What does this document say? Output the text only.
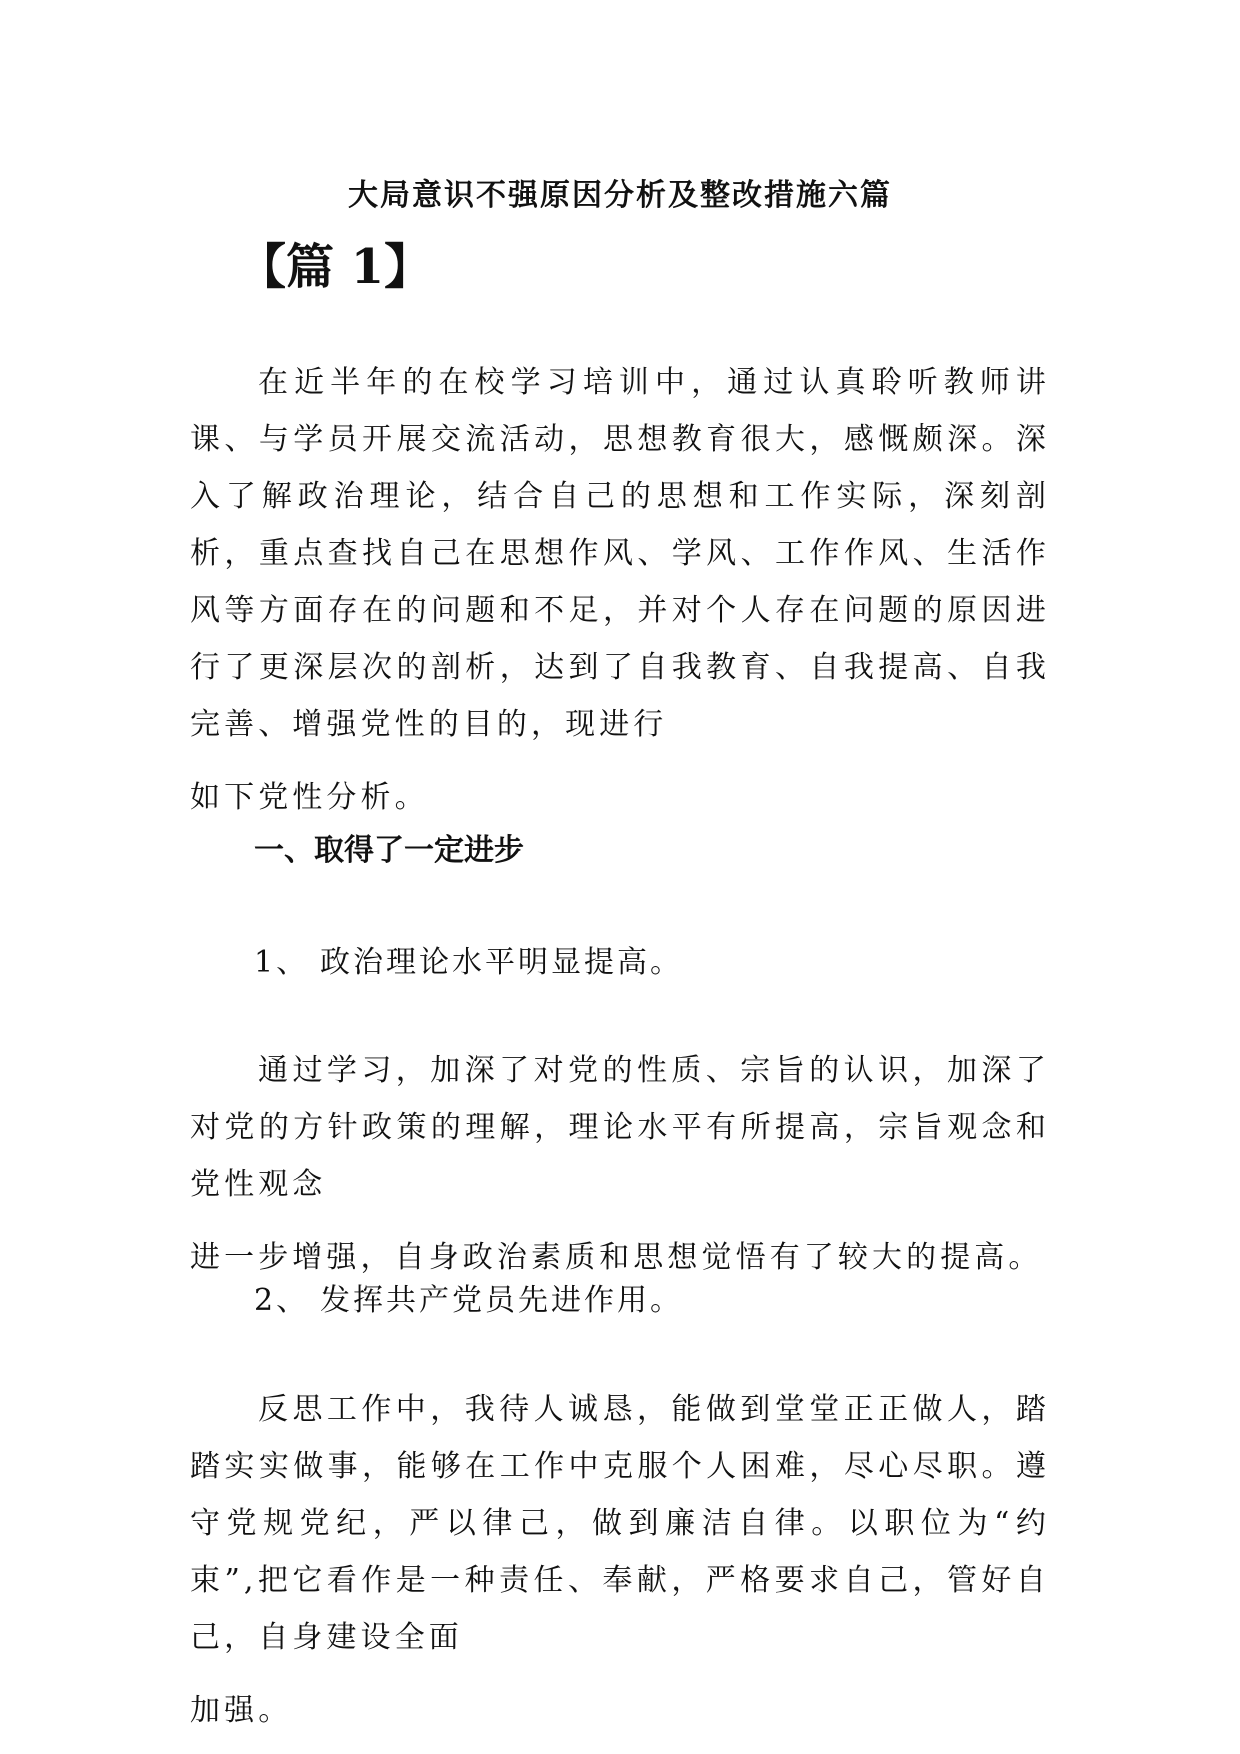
大局意识不强原因分析及整改措施六篇
【篇 1】

在近半年的在校学习培训中，通过认真聆听教师讲课、与学员开展交流活动，思想教育很大，感慨颇深。深入了解政治理论，结合自己的思想和工作实际，深刻剖析，重点查找自己在思想作风、学风、工作作风、生活作风等方面存在的问题和不足，并对个人存在问题的原因进行了更深层次的剖析，达到了自我教育、自我提高、自我完善、增强党性的目的，现进行
如下党性分析。

一、取得了一定进步
1、 政治理论水平明显提高。

通过学习，加深了对党的性质、宗旨的认识，加深了对党的方针政策的理解，理论水平有所提高，宗旨观念和党性观念
进一步增强，自身政治素质和思想觉悟有了较大的提高。

2、 发挥共产党员先进作用。

反思工作中，我待人诚恳，能做到堂堂正正做人，踏踏实实做事，能够在工作中克服个人困难，尽心尽职。遵守党规党纪，严以律己，做到廉洁自律。以职位为“约束”,把它看作是一种责任、奉献，严格要求自己，管好自己，自身建设全面
加强。
